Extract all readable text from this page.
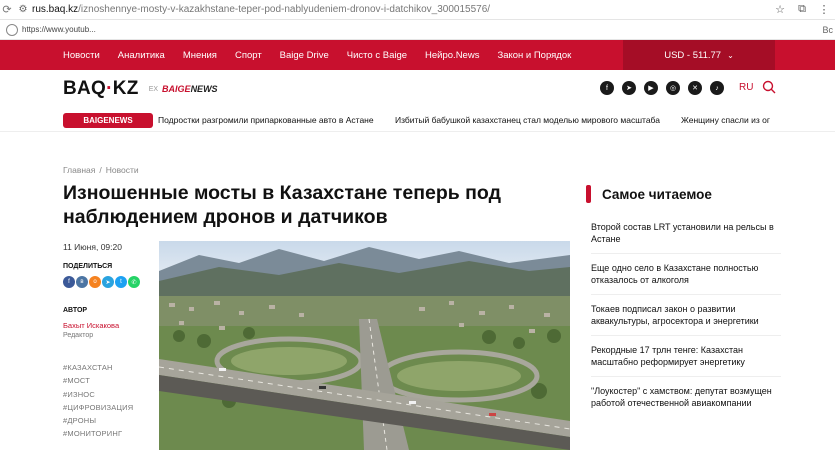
⟳ ⚙ rus.baq.kz/iznoshennye-mosty-v-kazakhstane-teper-pod-nablyudeniem-dronov-i-datchikov_300015576/	☆	⧉	⋮
https://www.youtub...	Вс
Новости Аналитика Мнения Спорт Baige Drive Чисто с Baige Нейро.News Закон и Порядок	USD - 511.77 ⌄
BAQ·KZ ЕХ BAIGENEWS	f	➤	▶	◎	✕	♪	RU
BAIGENEWS	Подростки разгромили припаркованные авто в Астане	Избитый бабушкой казахстанец стал моделью мирового масштаба Женщину спасли из ог
Главная / Новости
Изношенные мосты в Казахстане теперь под наблюдением дронов и датчиков
11 Июня, 09:20
ПОДЕЛИТЬСЯ
f	в	о	➤	t	✆
АВТОР
Бахыт Искакова
Редактор
#КАЗАХСТАН
#МОСТ
#ИЗНОС
#ЦИФРОВИЗАЦИЯ
#ДРОНЫ
#МОНИТОРИНГ
Самое читаемое
Второй состав LRT установили на рельсы в
Астане
Еще одно село в Казахстане полностью
отказалось от алкоголя
Токаев подписал закон о развитии
аквакультуры, агросектора и энергетики
Рекордные 17 трлн тенге: Казахстан
масштабно реформирует энергетику
"Лоукостер" с хамством: депутат возмущен
работой отечественной авиакомпании
